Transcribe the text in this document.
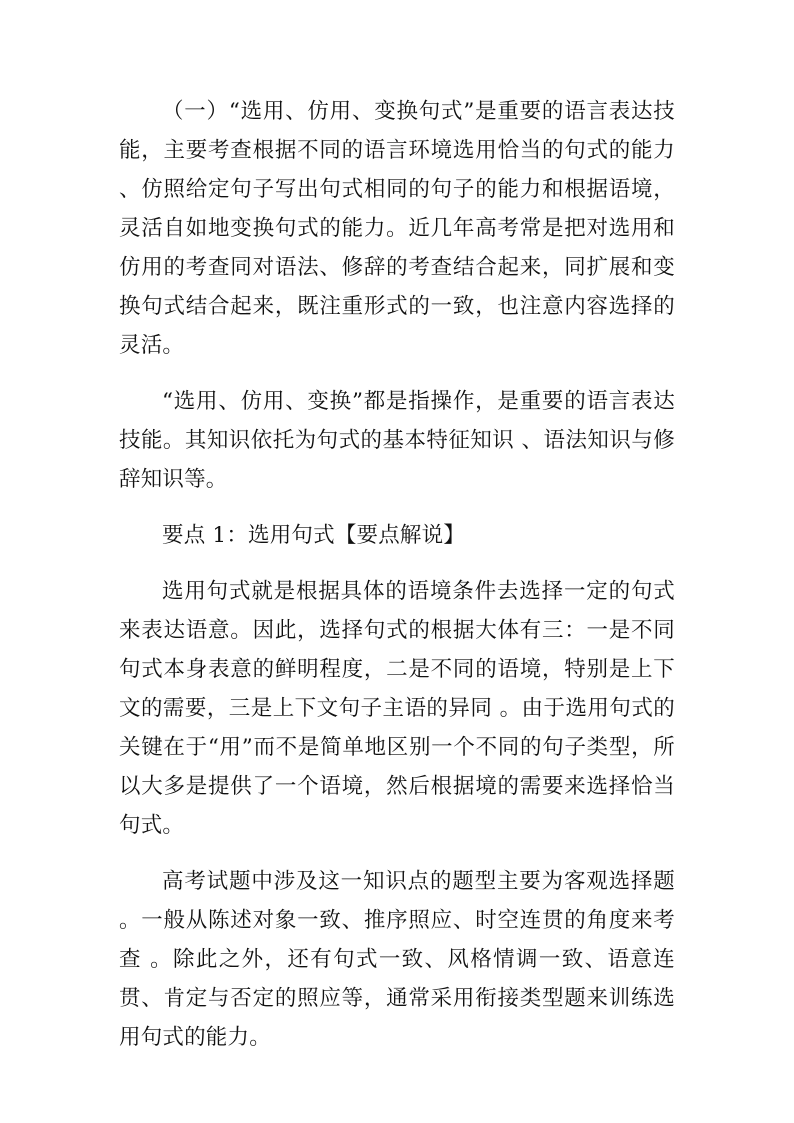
（一）“选用、仿用、变换句式”是重要的语言表达技能，主要考查根据不同的语言环境选用恰当的句式的能力 、仿照给定句子写出句式相同的句子的能力和根据语境，灵活自如地变换句式的能力。近几年高考常是把对选用和仿用的考查同对语法、修辞的考查结合起来，同扩展和变换句式结合起来，既注重形式的一致，也注意内容选择的灵活。

“选用、仿用、变换”都是指操作，是重要的语言表达技能。其知识依托为句式的基本特征知识 、语法知识与修辞知识等。

要点 1：选用句式【要点解说】

选用句式就是根据具体的语境条件去选择一定的句式来表达语意。因此，选择句式的根据大体有三：一是不同句式本身表意的鲜明程度，二是不同的语境，特别是上下文的需要，三是上下文句子主语的异同 。由于选用句式的关键在于“用”而不是简单地区别一个不同的句子类型，所以大多是提供了一个语境，然后根据境的需要来选择恰当句式。

高考试题中涉及这一知识点的题型主要为客观选择题 。一般从陈述对象一致、推序照应、时空连贯的角度来考查 。除此之外，还有句式一致、风格情调一致、语意连贯、肯定与否定的照应等，通常采用衔接类型题来训练选用句式的能力。
